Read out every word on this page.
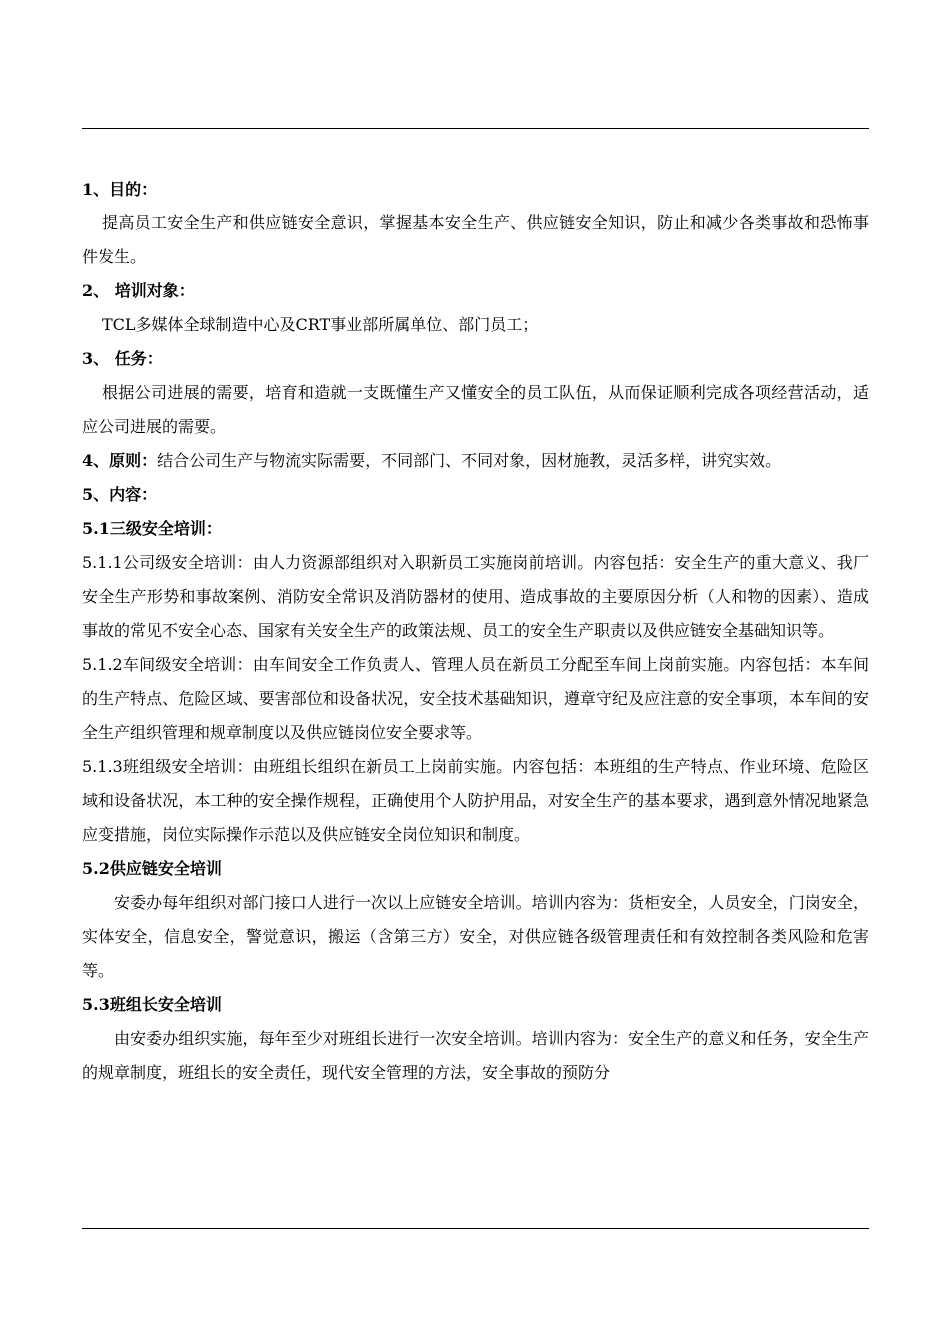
1、目的：

提高员工安全生产和供应链安全意识，掌握基本安全生产、供应链安全知识，防止和减少各类事故和恐怖事件发生。

2、 培训对象：

TCL多媒体全球制造中心及CRT事业部所属单位、部门员工；

3、 任务：

根据公司进展的需要，培育和造就一支既懂生产又懂安全的员工队伍，从而保证顺利完成各项经营活动，适应公司进展的需要。

4、原则：结合公司生产与物流实际需要，不同部门、不同对象，因材施教，灵活多样，讲究实效。

5、内容：

5.1三级安全培训：

5.1.1公司级安全培训：由人力资源部组织对入职新员工实施岗前培训。内容包括：安全生产的重大意义、我厂安全生产形势和事故案例、消防安全常识及消防器材的使用、造成事故的主要原因分析（人和物的因素）、造成事故的常见不安全心态、国家有关安全生产的政策法规、员工的安全生产职责以及供应链安全基础知识等。

5.1.2车间级安全培训：由车间安全工作负责人、管理人员在新员工分配至车间上岗前实施。内容包括：本车间的生产特点、危险区域、要害部位和设备状况，安全技术基础知识，遵章守纪及应注意的安全事项，本车间的安全生产组织管理和规章制度以及供应链岗位安全要求等。

5.1.3班组级安全培训：由班组长组织在新员工上岗前实施。内容包括：本班组的生产特点、作业环境、危险区域和设备状况，本工种的安全操作规程，正确使用个人防护用品，对安全生产的基本要求，遇到意外情况地紧急应变措施，岗位实际操作示范以及供应链安全岗位知识和制度。

5.2供应链安全培训

安委办每年组织对部门接口人进行一次以上应链安全培训。培训内容为：货柜安全，人员安全，门岗安全，实体安全，信息安全，警觉意识，搬运（含第三方）安全，对供应链各级管理责任和有效控制各类风险和危害等。

5.3班组长安全培训

由安委办组织实施，每年至少对班组长进行一次安全培训。培训内容为：安全生产的意义和任务，安全生产的规章制度，班组长的安全责任，现代安全管理的方法，安全事故的预防分
